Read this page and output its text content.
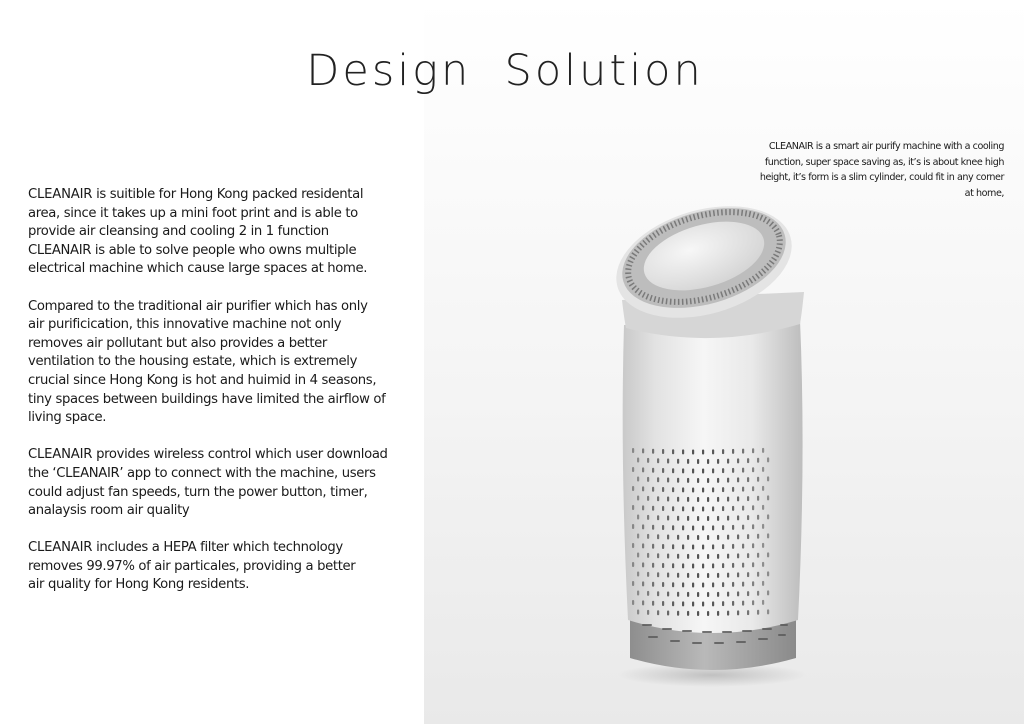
Design  Solution
CLEANAIR is suitible for Hong Kong packed residental
area, since it takes up a mini foot print and is able to
provide air cleansing and cooling 2 in 1 function
CLEANAIR is able to solve people who owns multiple
electrical machine which cause large spaces at home.
Compared to the traditional air purifier which has only
air purificication, this innovative machine not only
removes air pollutant but also provides a better
ventilation to the housing estate, which is extremely
crucial since Hong Kong is hot and huimid in 4 seasons,
tiny spaces between buildings have limited the airflow of
living space.
CLEANAIR provides wireless control which user download
the ‘CLEANAIR’ app to connect with the machine, users
could adjust fan speeds, turn the power button, timer,
analaysis room air quality
CLEANAIR includes a HEPA filter which technology
removes 99.97% of air particales, providing a better
air quality for Hong Kong residents.
CLEANAIR is a smart air purify machine with a cooling
function, super space saving as, it’s is about knee high
height, it’s form is a slim cylinder, could fit in any corner
at home,
